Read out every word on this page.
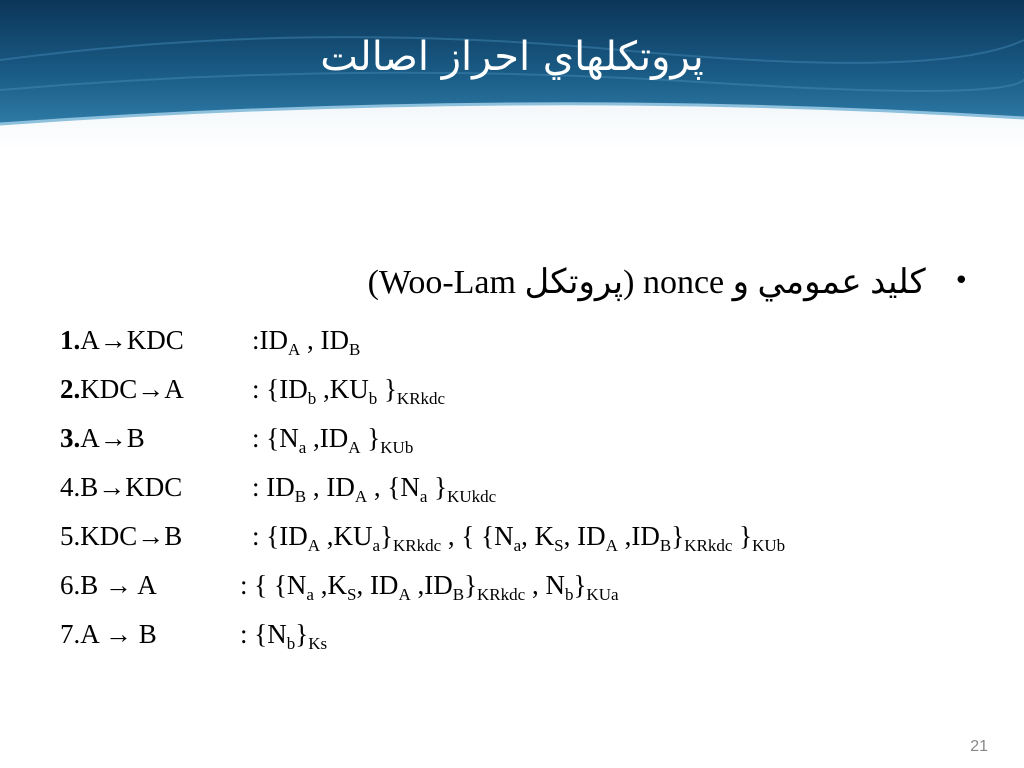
پروتكلهاي احراز اصالت
•كليد عمومي و nonce (پروتكل Woo-Lam)
1.A→KDC	$:ID_A$ , $ID_B$
2.KDC→A	: {$ID_b$ $,KU_b$ }$_{KRkdc}$
3.A→B	: {$N_a$ $,ID_A$ }$_{KUb}$
4.B→KDC	: $ID_B$ , $ID_A$ , {$N_a$ }$_{KUkdc}$
5.KDC→B	: {$ID_A$ $,KU_a\}_{KRkdc}$ , { {$N_a$, $K_S$, $ID_A$ $,ID_B\}_{KRkdc}$ }$_{KUb}$
6.B → A	: { {$N_a$ $,K_S$, $ID_A$ $,ID_B\}_{KRkdc}$ , $N_b\}_{KUa}$
7.A → B	: $\{N_b\}_{Ks}$
21
